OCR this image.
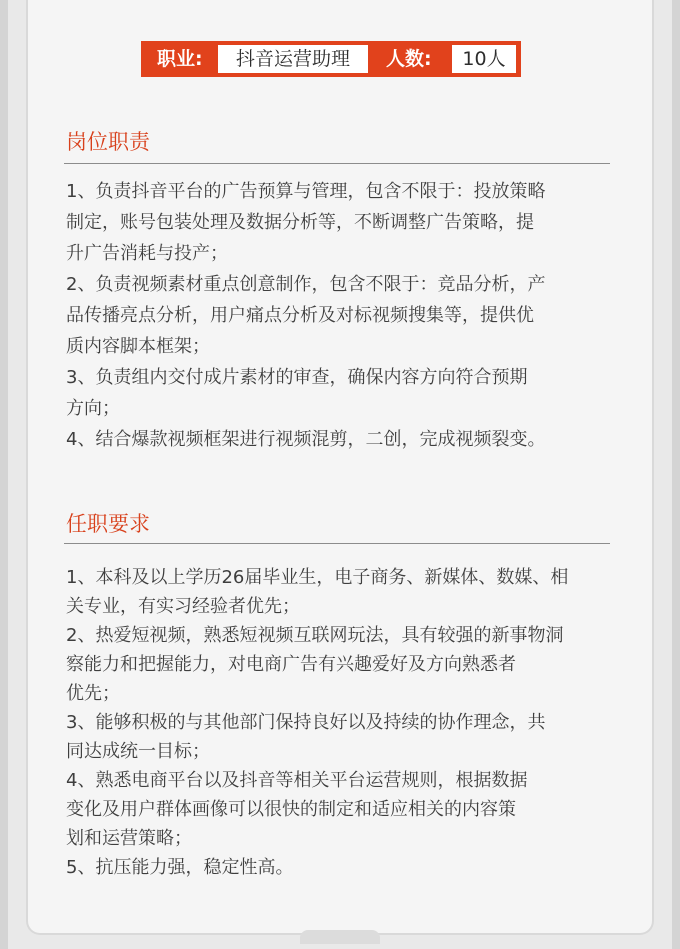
职业:	抖音运营助理	人数:	10人
岗位职责
1、负责抖音平台的广告预算与管理，包含不限于：投放策略
制定，账号包装处理及数据分析等，不断调整广告策略，提
升广告消耗与投产；
2、负责视频素材重点创意制作，包含不限于：竞品分析，产
品传播亮点分析，用户痛点分析及对标视频搜集等，提供优
质内容脚本框架；
3、负责组内交付成片素材的审查，确保内容方向符合预期
方向；
4、结合爆款视频框架进行视频混剪，二创，完成视频裂变。
任职要求
1、本科及以上学历26届毕业生，电子商务、新媒体、数媒、相
关专业，有实习经验者优先；
2、热爱短视频，熟悉短视频互联网玩法，具有较强的新事物洞
察能力和把握能力，对电商广告有兴趣爱好及方向熟悉者
优先；
3、能够积极的与其他部门保持良好以及持续的协作理念，共
同达成统一目标；
4、熟悉电商平台以及抖音等相关平台运营规则，根据数据
变化及用户群体画像可以很快的制定和适应相关的内容策
划和运营策略；
5、抗压能力强，稳定性高。
